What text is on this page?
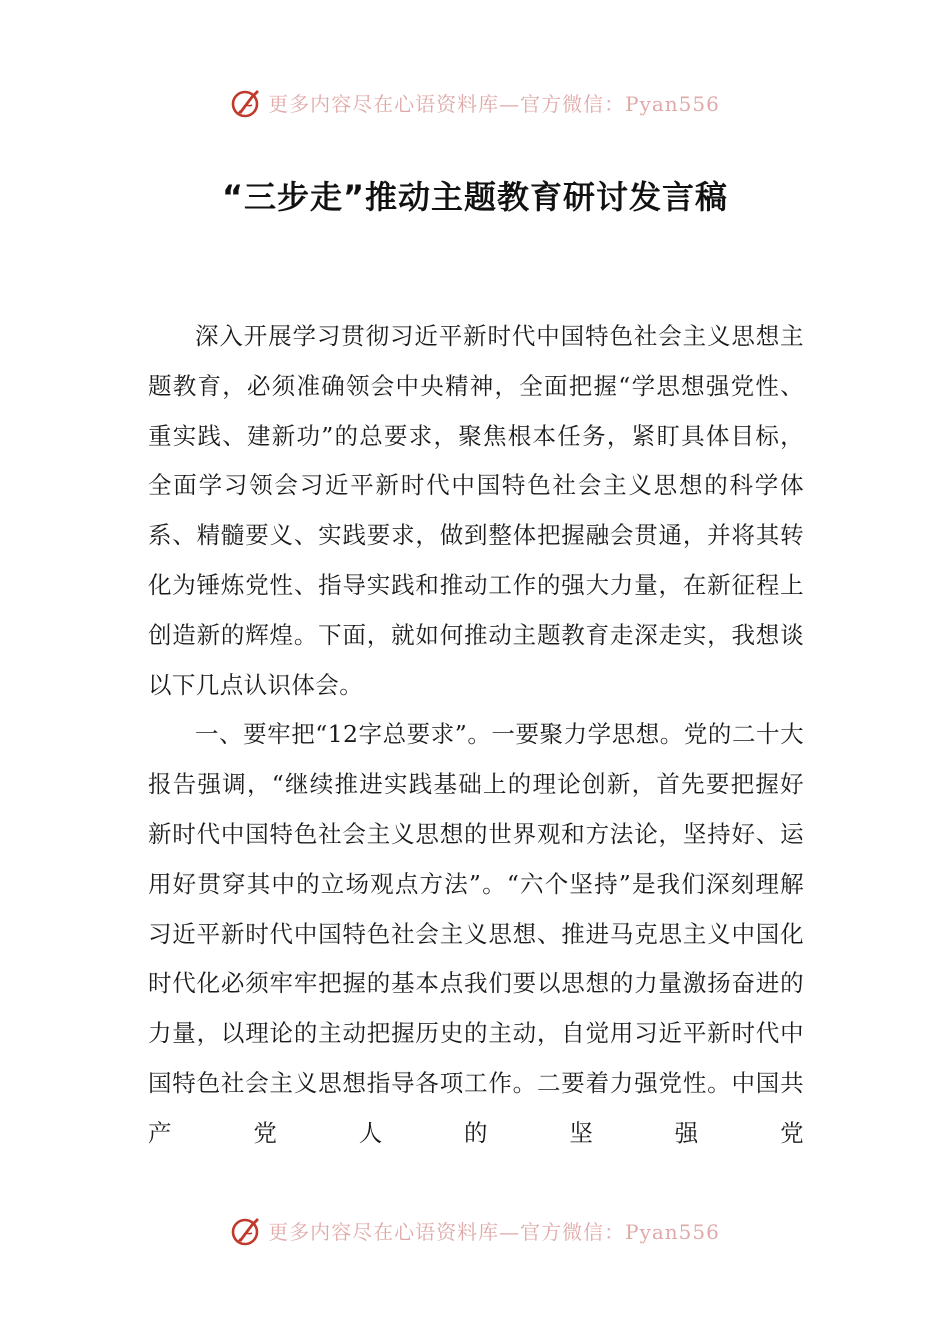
更多内容尽在心语资料库—官方微信：Pyan556
“三步走”推动主题教育研讨发言稿

深入开展学习贯彻习近平新时代中国特色社会主义思想主题教育，必须准确领会中央精神，全面把握“学思想强党性、重实践、建新功”的总要求，聚焦根本任务，紧盯具体目标，全面学习领会习近平新时代中国特色社会主义思想的科学体系、精髓要义、实践要求，做到整体把握融会贯通，并将其转化为锤炼党性、指导实践和推动工作的强大力量，在新征程上创造新的辉煌。下面，就如何推动主题教育走深走实，我想谈以下几点认识体会。

一、要牢把“12字总要求”。一要聚力学思想。党的二十大报告强调，“继续推进实践基础上的理论创新，首先要把握好新时代中国特色社会主义思想的世界观和方法论，坚持好、运用好贯穿其中的立场观点方法”。“六个坚持”是我们深刻理解习近平新时代中国特色社会主义思想、推进马克思主义中国化时代化必须牢牢把握的基本点我们要以思想的力量激扬奋进的力量，以理论的主动把握历史的主动，自觉用习近平新时代中国特色社会主义思想指导各项工作。二要着力强党性。中国共产党人的坚强党

更多内容尽在心语资料库—官方微信：Pyan556
